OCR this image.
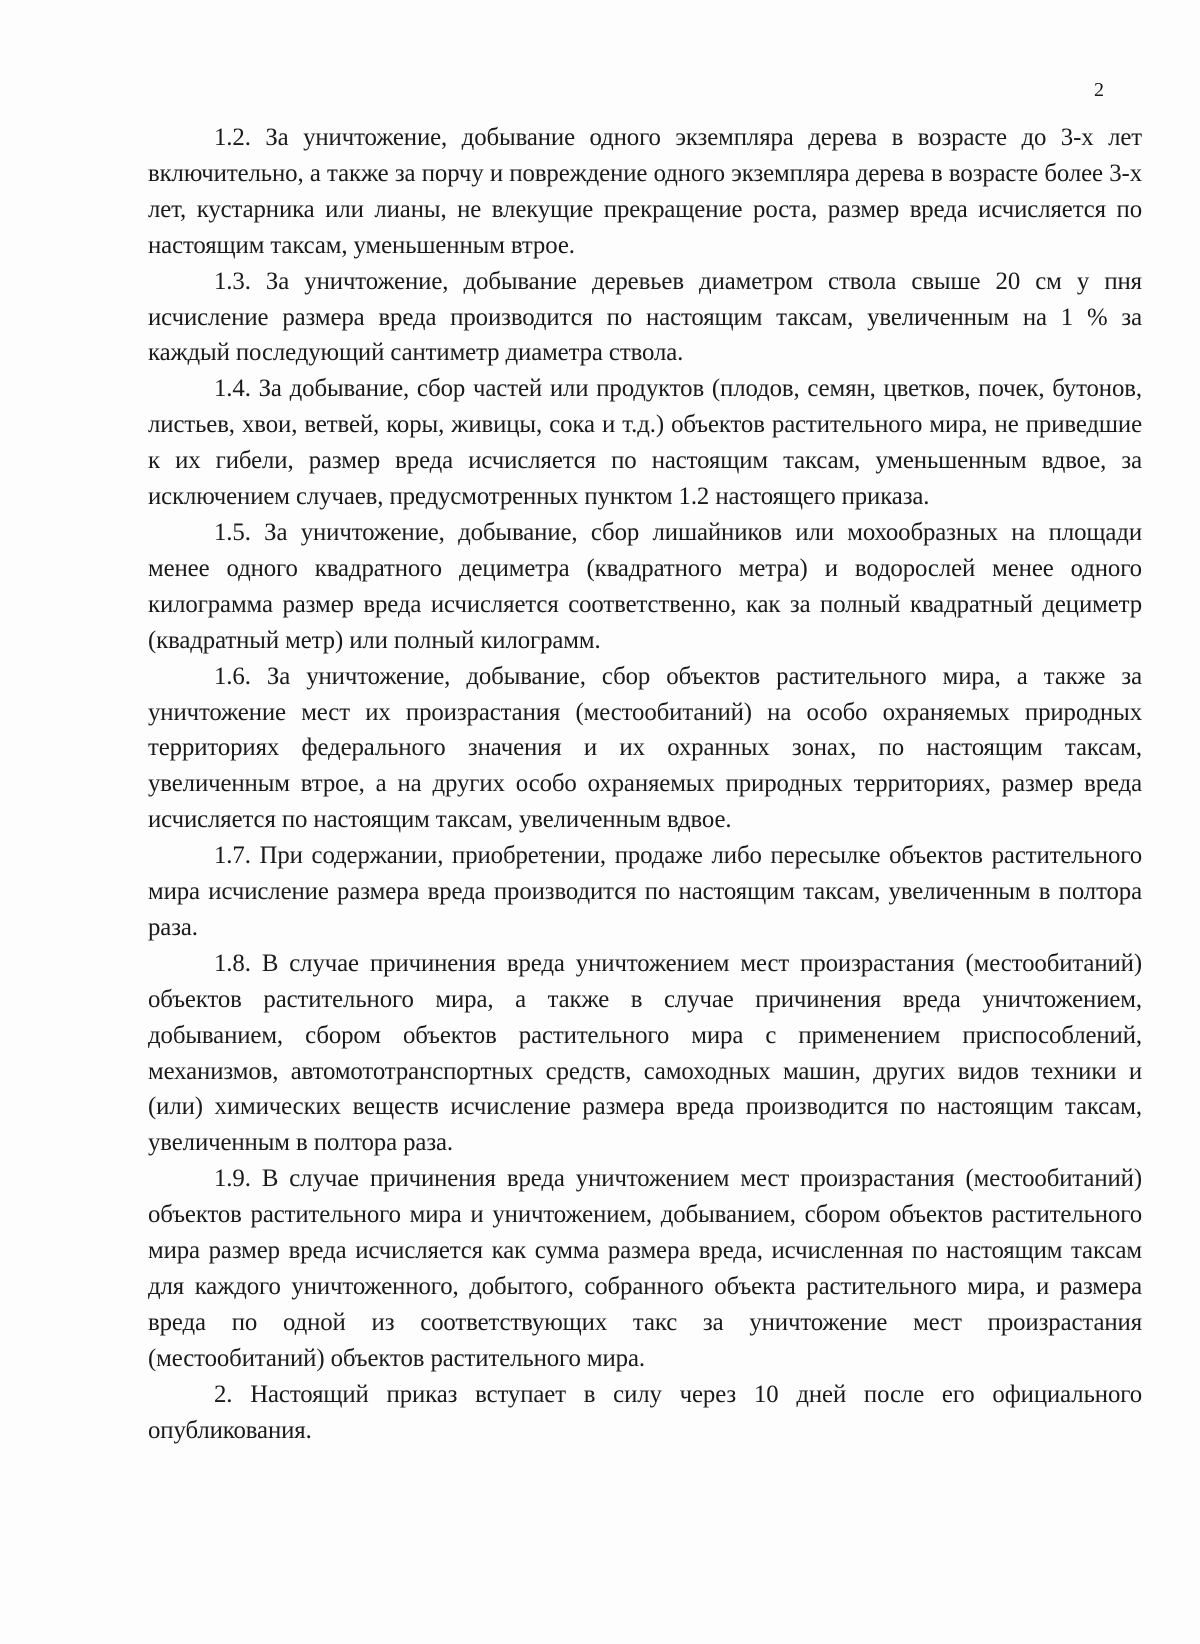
2

1.2. За уничтожение, добывание одного экземпляра дерева в возрасте до 3-х лет включительно, а также за порчу и повреждение одного экземпляра дерева в возрасте более 3-х лет, кустарника или лианы, не влекущие прекращение роста, размер вреда исчисляется по настоящим таксам, уменьшенным втрое.

1.3. За уничтожение, добывание деревьев диаметром ствола свыше 20 см у пня исчисление размера вреда производится по настоящим таксам, увеличенным на 1 % за каждый последующий сантиметр диаметра ствола.

1.4. За добывание, сбор частей или продуктов (плодов, семян, цветков, почек, бутонов, листьев, хвои, ветвей, коры, живицы, сока и т.д.) объектов растительного мира, не приведшие к их гибели, размер вреда исчисляется по настоящим таксам, уменьшенным вдвое, за исключением случаев, предусмотренных пунктом 1.2 настоящего приказа.

1.5. За уничтожение, добывание, сбор лишайников или мохообразных на площади менее одного квадратного дециметра (квадратного метра) и водорослей менее одного килограмма размер вреда исчисляется соответственно, как за полный квадратный дециметр (квадратный метр) или полный килограмм.

1.6. За уничтожение, добывание, сбор объектов растительного мира, а также за уничтожение мест их произрастания (местообитаний) на особо охраняемых природных территориях федерального значения и их охранных зонах, по настоящим таксам, увеличенным втрое, а на других особо охраняемых природных территориях, размер вреда исчисляется по настоящим таксам, увеличенным вдвое.

1.7. При содержании, приобретении, продаже либо пересылке объектов растительного мира исчисление размера вреда производится по настоящим таксам, увеличенным в полтора раза.

1.8. В случае причинения вреда уничтожением мест произрастания (местообитаний) объектов растительного мира, а также в случае причинения вреда уничтожением, добыванием, сбором объектов растительного мира с применением приспособлений, механизмов, автомототранспортных средств, самоходных машин, других видов техники и (или) химических веществ исчисление размера вреда производится по настоящим таксам, увеличенным в полтора раза.

1.9. В случае причинения вреда уничтожением мест произрастания (местообитаний) объектов растительного мира и уничтожением, добыванием, сбором объектов растительного мира размер вреда исчисляется как сумма размера вреда, исчисленная по настоящим таксам для каждого уничтоженного, добытого, собранного объекта растительного мира, и размера вреда по одной из соответствующих такс за уничтожение мест произрастания (местообитаний) объектов растительного мира.

2. Настоящий приказ вступает в силу через 10 дней после его официального опубликования.
